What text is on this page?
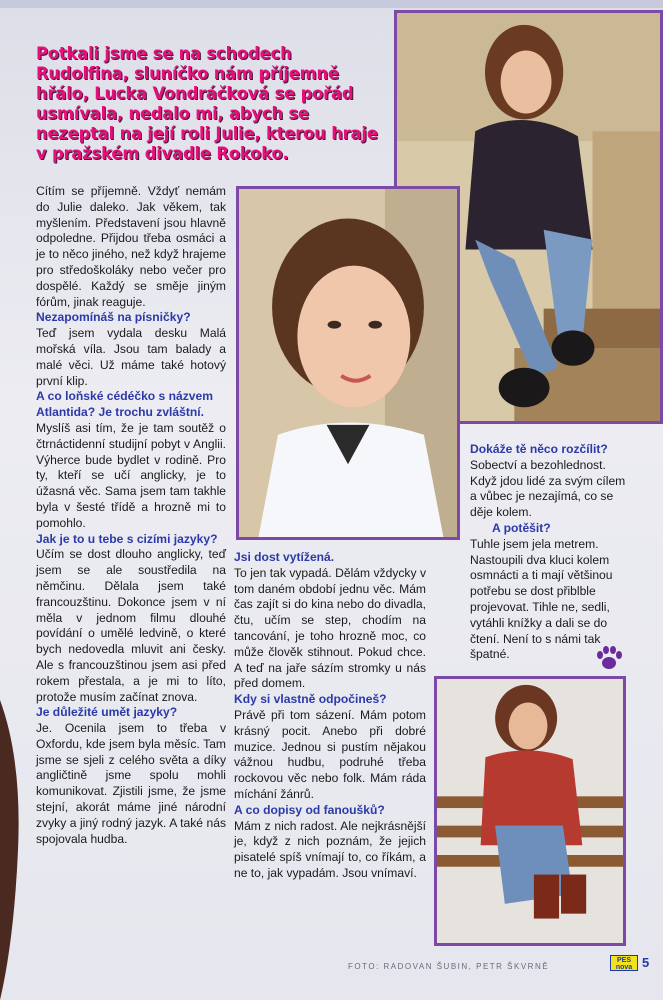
Potkali jsme se na schodech Rudolfina, sluníčko nám příjemně hřálo, Lucka Vondráčková se pořád usmívala, nedalo mi, abych se nezeptal na její roli Julie, kterou hraje v pražském divadle Rokoko.

Cítím se příjemně. Vždyť nemám do Julie daleko. Jak věkem, tak myšlením. Představení jsou hlavně odpoledne. Přijdou třeba osmáci a je to něco jiného, než když hrajeme pro středoškoláky nebo večer pro dospělé. Každý se směje jiným fórům, jinak reaguje.

Nezapomínáš na písničky?

Teď jsem vydala desku Malá mořská víla. Jsou tam balady a malé věci. Už máme také hotový první klip.

A co loňské cédéčko s názvem Atlantida? Je trochu zvláštní.

Myslíš asi tím, že je tam soutěž o čtrnáctidenní studijní pobyt v Anglii. Výherce bude bydlet v rodině. Pro ty, kteří se učí anglicky, je to úžasná věc. Sama jsem tam takhle byla v šesté třídě a hrozně mi to pomohlo.

Jak je to u tebe s cizími jazyky?

Učím se dost dlouho anglicky, teď jsem se ale soustředila na němčinu. Dělala jsem také francouzštinu. Dokonce jsem v ní měla v jednom filmu dlouhé povídání o umělé ledvině, o které bych nedovedla mluvit ani česky. Ale s francouzštinou jsem asi před rokem přestala, a je mi to líto, protože musím začínat znova.

Je důležité umět jazyky?

Je. Ocenila jsem to třeba v Oxfordu, kde jsem byla měsíc. Tam jsme se sjeli z celého světa a díky angličtině jsme spolu mohli komunikovat. Zjistili jsme, že jsme stejní, akorát máme jiné národní zvyky a jiný rodný jazyk. A také nás spojovala hudba.

Jsi dost vytížená.

To jen tak vypadá. Dělám vždycky v tom daném období jednu věc. Mám čas zajít si do kina nebo do divadla, čtu, učím se step, chodím na tancování, je toho hrozně moc, co může člověk stihnout. Pokud chce. A teď na jaře sázím stromky u nás před domem.

Kdy si vlastně odpočineš?

Právě při tom sázení. Mám potom krásný pocit. Anebo při dobré muzice. Jednou si pustím nějakou vážnou hudbu, podruhé třeba rockovou věc nebo folk. Mám ráda míchání žánrů.

A co dopisy od fanoušků?

Mám z nich radost. Ale nejkrásnější je, když z nich poznám, že jejich pisatelé spíš vnímají to, co říkám, a ne to, jak vypadám. Jsou vnímaví.

Dokáže tě něco rozčílit?

Sobectví a bezohlednost. Když jdou lidé za svým cílem a vůbec je nezajímá, co se děje kolem.

A potěšit?

Tuhle jsem jela metrem. Nastoupili dva kluci kolem osmnácti a ti mají většinou potřebu se dost přiblble projevovat. Tihle ne, sedli, vytáhli knížky a dali se do čtení. Není to s námi tak špatné.

FOTO: RADOVAN ŠUBIN, PETR ŠKVRNĚ
PES
nova 5
